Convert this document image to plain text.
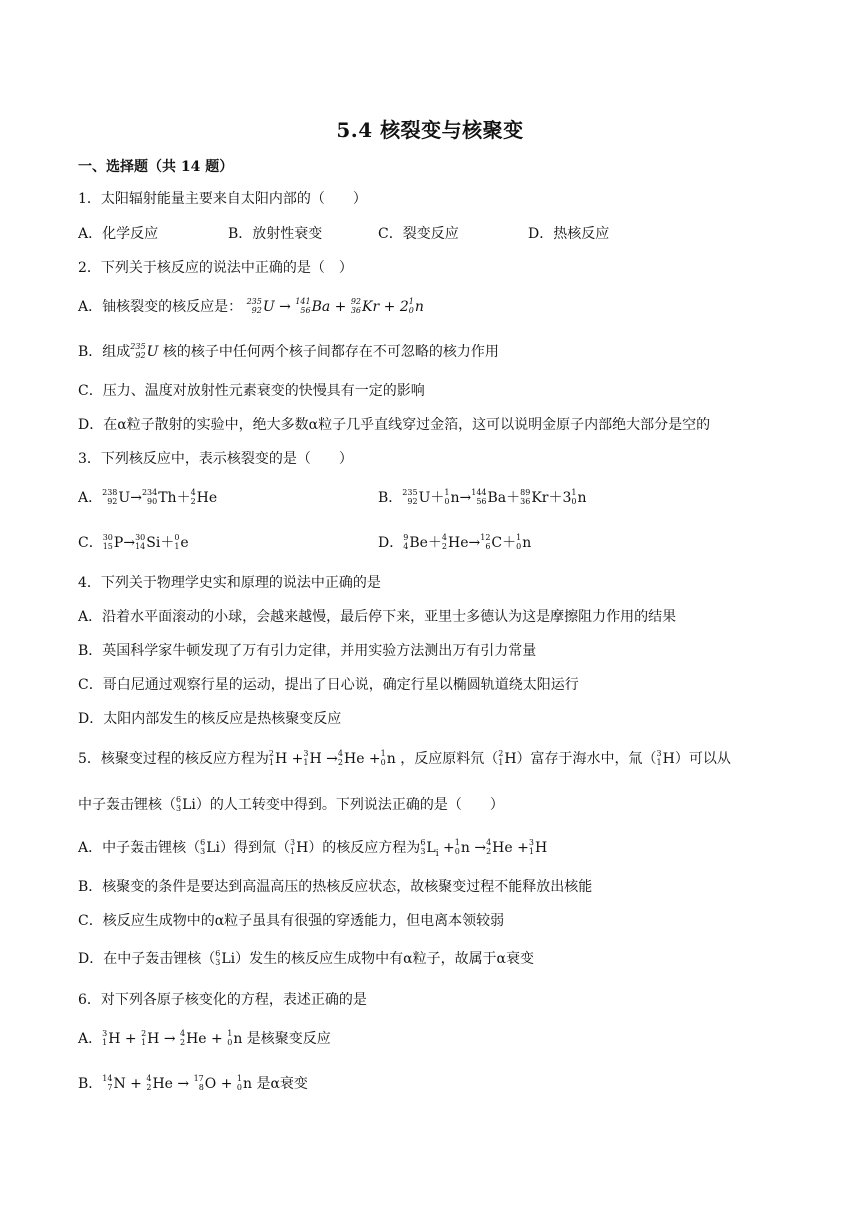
5.4 核裂变与核聚变
一、选择题（共 14 题）
1．太阳辐射能量主要来自太阳内部的（　　）
A．化学反应	B．放射性衰变	C．裂变反应	D．热核反应
2．下列关于核反应的说法中正确的是（　）
A．铀核裂变的核反应是： 235
92 U → 141
56 Ba + 92
36 Kr + 2 1
0 n
B．组成 235
92 U 核的核子中任何两个核子间都存在不可忽略的核力作用
C．压力、温度对放射性元素衰变的快慢具有一定的影响
D．在α粒子散射的实验中，绝大多数α粒子几乎直线穿过金箔，这可以说明金原子内部绝大部分是空的
3．下列核反应中，表示核裂变的是（　　）
A． 238
92 U→ 234
90 Th＋ 4
2 He	B． 235
92 U＋ 1
0 n→ 144
56 Ba＋ 89
36 Kr＋3 1
0 n
C． 30
15 P→ 30
14 Si＋ 0
1 e	D． 9
4 Be＋ 4
2 He→ 12
6 C＋ 1
0 n
4．下列关于物理学史实和原理的说法中正确的是
A．沿着水平面滚动的小球，会越来越慢，最后停下来，亚里士多德认为这是摩擦阻力作用的结果
B．英国科学家牛顿发现了万有引力定律，并用实验方法测出万有引力常量
C．哥白尼通过观察行星的运动，提出了日心说，确定行星以椭圆轨道绕太阳运行
D．太阳内部发生的核反应是热核聚变反应
5．核聚变过程的核反应方程为 2
1 H + 3
1 H → 4
2 He + 1
0 n ，反应原料氘（ 2
1 H）富存于海水中，氚（ 3
1 H）可以从
中子轰击锂核（ 6
3 Li）的人工转变中得到。下列说法正确的是（　　）
A．中子轰击锂核（ 6
3 Li）得到氚（ 3
1 H）的核反应方程为 6
3 $L_i + 1$
0 n → 4
2 He + 3
1 H
B．核聚变的条件是要达到高温高压的热核反应状态，故核聚变过程不能释放出核能
C．核反应生成物中的α粒子虽具有很强的穿透能力，但电离本领较弱
D．在中子轰击锂核（ 6
3 Li）发生的核反应生成物中有α粒子，故属于α衰变
6．对下列各原子核变化的方程，表述正确的是
A． 3
1 H + 2
1 H → 4
2 He + 1
0 n 是核聚变反应
B． 14
7 N + 4
2 He → 17
8 O + 1
0 n 是α衰变
